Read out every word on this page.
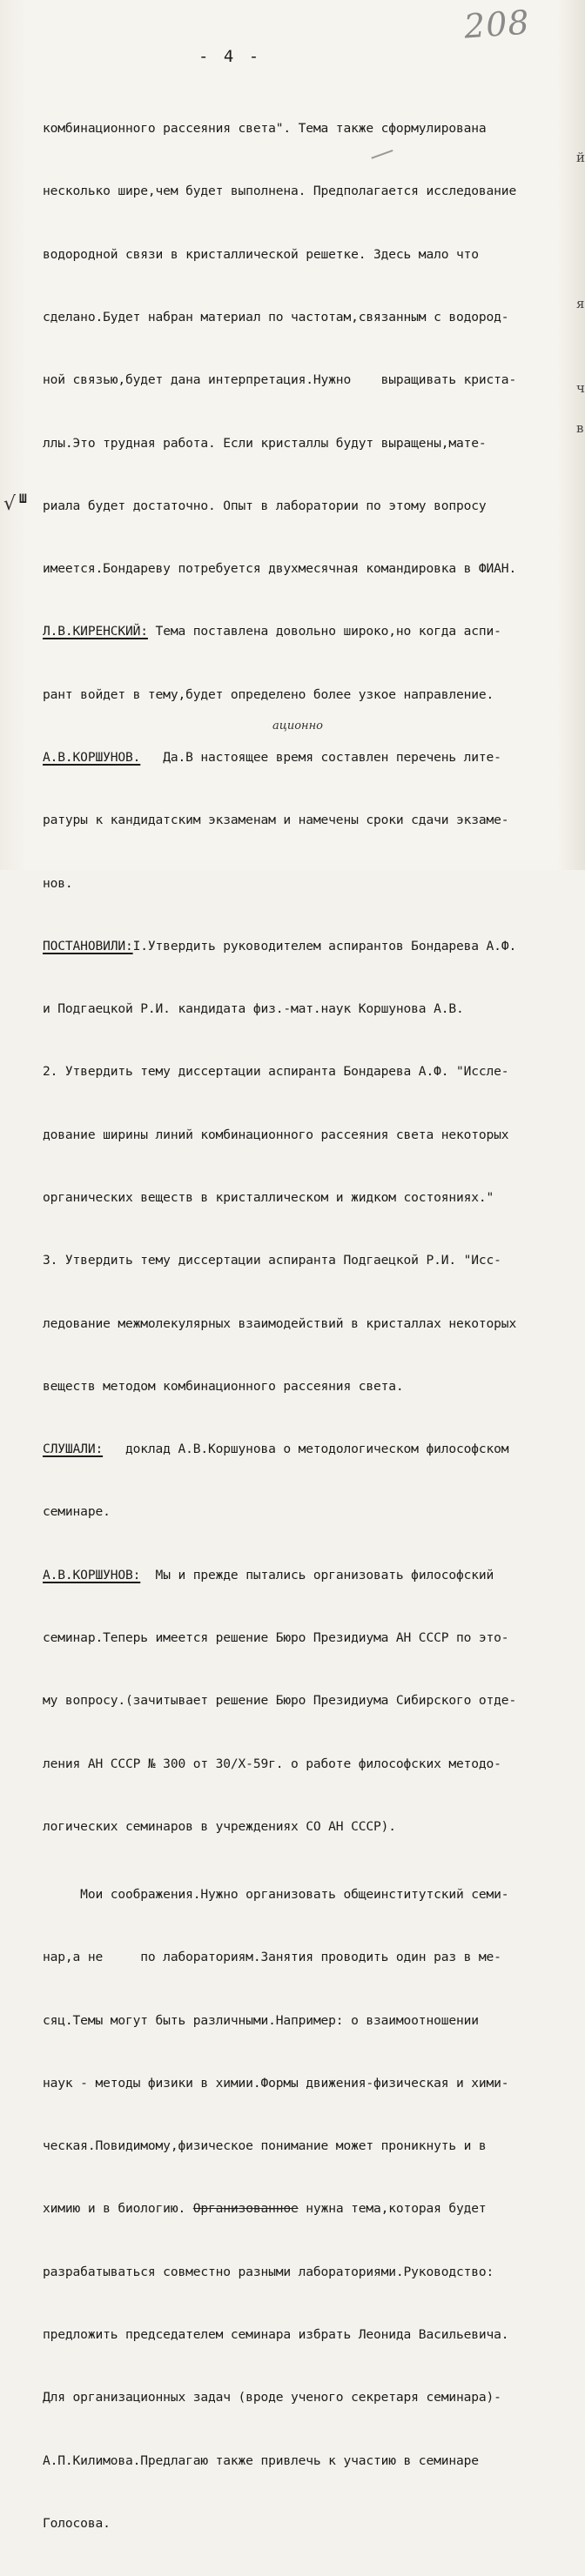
208
- 4 -
√ Ш
й
я
ч
в
ационно

комбинационного рассеяния света". Тема также сформулирована

несколько шире,чем будет выполнена. Предполагается исследование

водородной связи в кристаллической решетке. Здесь мало что

сделано.Будет набран материал по частотам,связанным с водород-

ной связью,будет дана интерпретация.Нужно    выращивать криста-

ллы.Это трудная работа. Если кристаллы будут выращены,мате-

риала будет достаточно. Опыт в лаборатории по этому вопросу

имеется.Бондареву потребуется двухмесячная командировка в ФИАН.

Л.В.КИРЕНСКИЙ: Тема поставлена довольно широко,но когда аспи-

рант войдет в тему,будет определено более узкое направление.

А.В.КОРШУНОВ.   Да.В настоящее время составлен перечень лите-

ратуры к кандидатским экзаменам и намечены сроки сдачи экзаме-

нов.

ПОСТАНОВИЛИ:I.Утвердить руководителем аспирантов Бондарева А.Ф.

и Подгаецкой Р.И. кандидата физ.-мат.наук Коршунова А.В.

2. Утвердить тему диссертации аспиранта Бондарева А.Ф. "Иссле-

дование ширины линий комбинационного рассеяния света некоторых

органических веществ в кристаллическом и жидком состояниях."

3. Утвердить тему диссертации аспиранта Подгаецкой Р.И. "Исс-

ледование межмолекулярных взаимодействий в кристаллах некоторых

веществ методом комбинационного рассеяния света.

СЛУШАЛИ:   доклад А.В.Коршунова о методологическом философском

семинаре.

А.В.КОРШУНОВ:  Мы и прежде пытались организовать философский

семинар.Теперь имеется решение Бюро Президиума АН СССР по это-

му вопросу.(зачитывает решение Бюро Президиума Сибирского отде-

ления АН СССР № 300 от 30/Х-59г. о работе философских методо-

логических семинаров в учреждениях СО АН СССР).

Мои соображения.Нужно организовать общеинститутский семи-

нар,а не     по лабораториям.Занятия проводить один раз в ме-

сяц.Темы могут быть различными.Например: о взаимоотношении

наук - методы физики в химии.Формы движения-физическая и хими-

ческая.Повидимому,физическое понимание может проникнуть и в

химию и в биологию. Организованное нужна тема,которая будет

разрабатываться совместно разными лабораториями.Руководство:

предложить председателем семинара избрать Леонида Васильевича.

Для организационных задач (вроде ученого секретаря семинара)-

А.П.Килимова.Предлагаю также привлечь к участию в семинаре

Голосова.
